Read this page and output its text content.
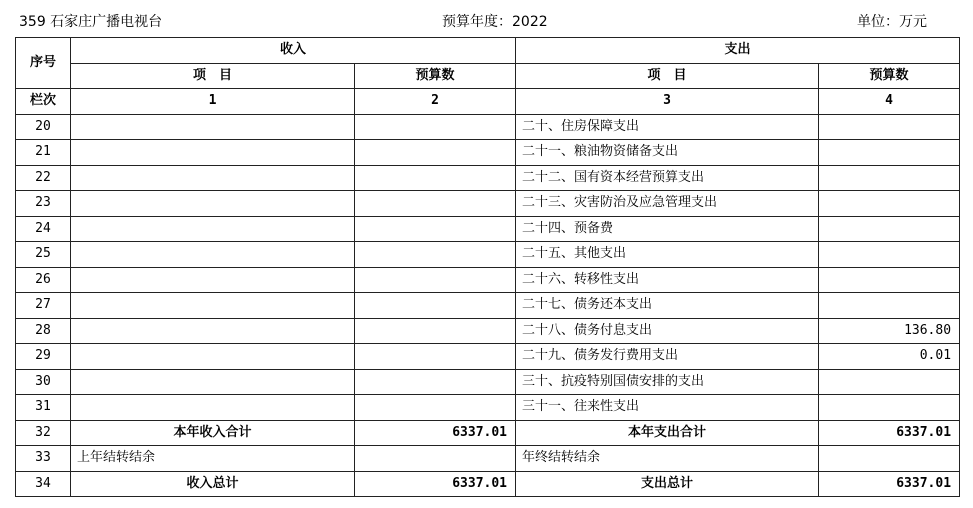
359 石家庄广播电视台	预算年度：2022	单位：万元
序号	收入		支出	
	项　目	预算数	项　目	预算数
栏次	1	2	3	4
20			二十、住房保障支出	
21			二十一、粮油物资储备支出	
22			二十二、国有资本经营预算支出	
23			二十三、灾害防治及应急管理支出	
24			二十四、预备费	
25			二十五、其他支出	
26			二十六、转移性支出	
27			二十七、债务还本支出	
28			二十八、债务付息支出	136.80
29			二十九、债务发行费用支出	0.01
30			三十、抗疫特别国债安排的支出	
31			三十一、往来性支出	
32	本年收入合计	6337.01	本年支出合计	6337.01
33	上年结转结余		年终结转结余	
34	收入总计	6337.01	支出总计	6337.01
